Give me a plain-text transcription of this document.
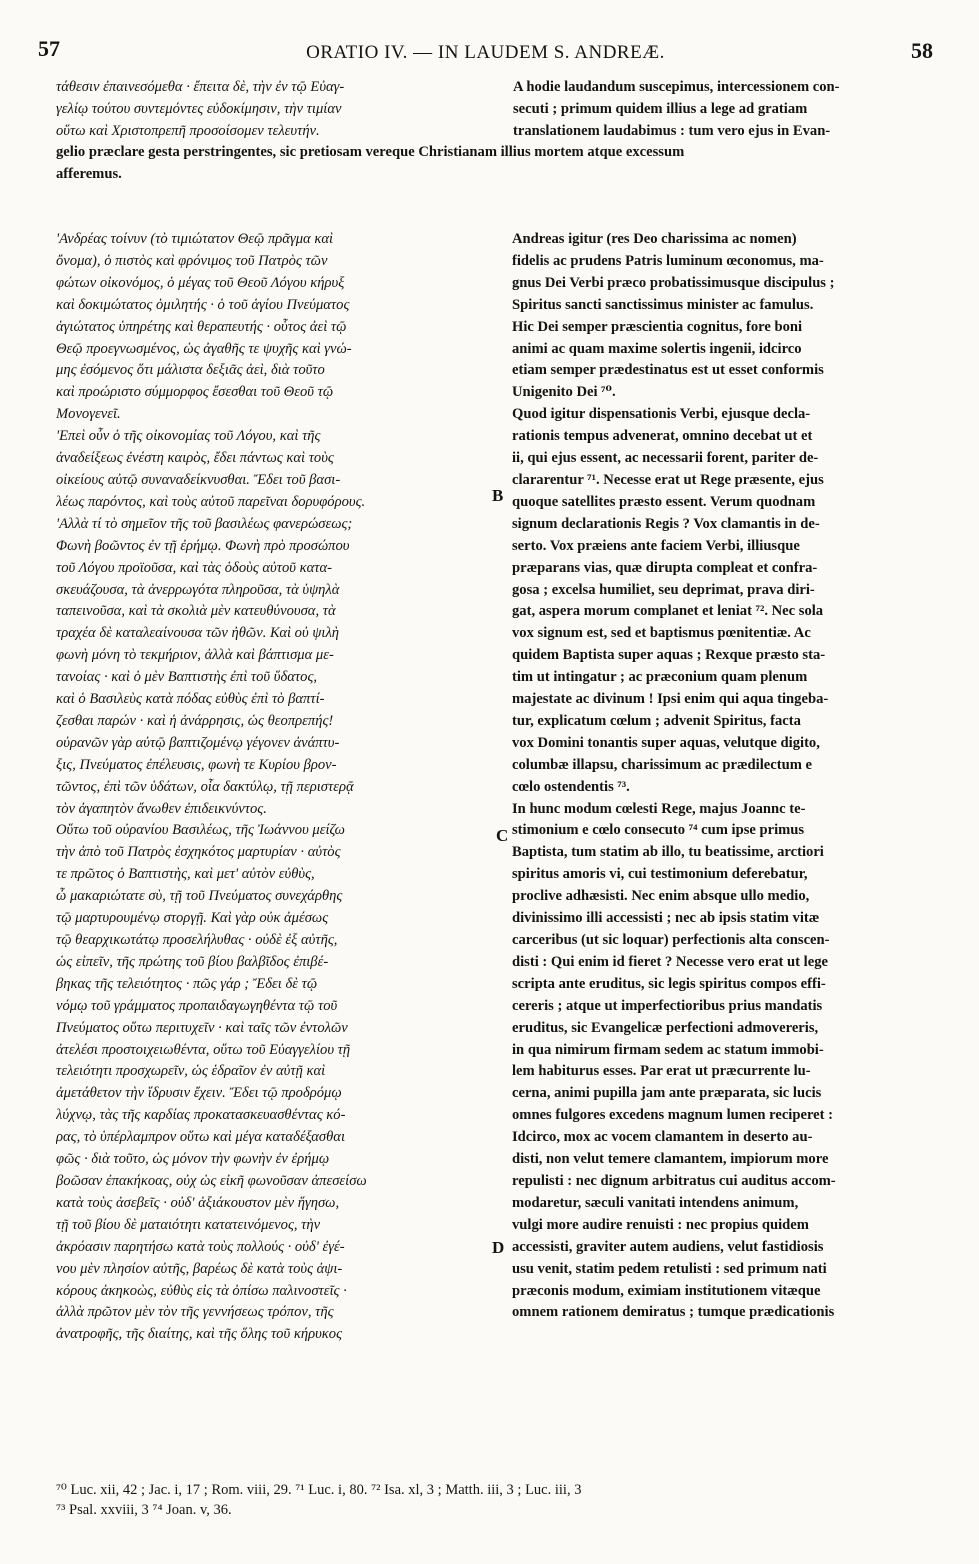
57	ORATIO IV. — IN LAUDEM S. ANDREÆ.	58
τάθεσιν ἐπαινεσόμεθα · ἔπειτα δὲ, τὴν ἐν τῷ Εὐαγ-
γελίῳ τούτου συντεμόντες εὐδοκίμησιν, τὴν τιμίαν
οὕτω καὶ Χριστοπρεπῆ προσοίσομεν τελευτήν.
A hodie laudandum suscepimus, intercessionem con-
secuti ; primum quidem illius a lege ad gratiam
translationem laudabimus : tum vero ejus in Evan-
gelio præclare gesta perstringentes, sic pretiosam vereque Christianam illius mortem atque excessum
afferemus.
'Ανδρέας τοίνυν (τὸ τιμιώτατον Θεῷ πρᾶγμα καὶ
ὄνομα), ὁ πιστὸς καὶ φρόνιμος τοῦ Πατρὸς τῶν
φώτων οἰκονόμος, ὁ μέγας τοῦ Θεοῦ Λόγου κήρυξ
καὶ δοκιμώτατος ὁμιλητής · ὁ τοῦ ἁγίου Πνεύματος
ἁγιώτατος ὑπηρέτης καὶ θεραπευτής · οὗτος ἀεὶ τῷ
Θεῷ προεγνωσμένος, ὡς ἀγαθῆς τε ψυχῆς καὶ γνώ-
μης ἐσόμενος ὅτι μάλιστα δεξιᾶς ἀεὶ, διὰ τοῦτο
καὶ προώριστο σύμμορφος ἔσεσθαι τοῦ Θεοῦ τῷ
Μονογενεῖ.
'Επεὶ οὖν ὁ τῆς οἰκονομίας τοῦ Λόγου, καὶ τῆς
ἀναδείξεως ἐνέστη καιρὸς, ἔδει πάντως καὶ τοὺς
οἰκείους αὐτῷ συναναδείκνυσθαι. Ἔδει τοῦ βασι-
λέως παρόντος, καὶ τοὺς αὐτοῦ παρεῖναι δορυφόρους.
'Αλλὰ τί τὸ σημεῖον τῆς τοῦ βασιλέως φανερώσεως;
Φωνὴ βοῶντος ἐν τῇ ἐρήμῳ. Φωνὴ πρὸ προσώπου
τοῦ Λόγου προϊοῦσα, καὶ τὰς ὁδοὺς αὐτοῦ κατα-
σκευάζουσα, τὰ ἀνερρωγότα πληροῦσα, τὰ ὑψηλὰ
ταπεινοῦσα, καὶ τὰ σκολιὰ μὲν κατευθύνουσα, τὰ
τραχέα δὲ καταλεαίνουσα τῶν ἠθῶν. Καὶ οὐ ψιλὴ
φωνὴ μόνη τὸ τεκμήριον, ἀλλὰ καὶ βάπτισμα με-
τανοίας · καὶ ὁ μὲν Βαπτιστὴς ἐπὶ τοῦ ὕδατος,
καὶ ὁ Βασιλεὺς κατὰ πόδας εὐθὺς ἐπὶ τὸ βαπτί-
ζεσθαι παρών · καὶ ἡ ἀνάρρησις, ὡς θεοπρεπής!
οὐρανῶν γὰρ αὐτῷ βαπτιζομένῳ γέγονεν ἀνάπτυ-
ξις, Πνεύματος ἐπέλευσις, φωνὴ τε Κυρίου βρον-
τῶντος, ἐπὶ τῶν ὑδάτων, οἷα δακτύλῳ, τῇ περιστερᾷ
τὸν ἀγαπητὸν ἄνωθεν ἐπιδεικνύντος.
Οὕτω τοῦ οὐρανίου Βασιλέως, τῆς Ἰωάννου μείζω
τὴν ἀπὸ τοῦ Πατρὸς ἐσχηκότος μαρτυρίαν · αὐτὸς
τε πρῶτος ὁ Βαπτιστὴς, καὶ μετ' αὐτὸν εὐθὺς,
ὦ μακαριώτατε σὺ, τῇ τοῦ Πνεύματος συνεχάρθης
τῷ μαρτυρουμένῳ στοργῇ. Καὶ γὰρ οὐκ ἀμέσως
τῷ θεαρχικωτάτῳ προσελήλυθας · οὐδὲ ἐξ αὐτῆς,
ὡς εἰπεῖν, τῆς πρώτης τοῦ βίου βαλβῖδος ἐπιβέ-
βηκας τῆς τελειότητος · πῶς γάρ ; Ἔδει δὲ τῷ
νόμῳ τοῦ γράμματος προπαιδαγωγηθέντα τῷ τοῦ
Πνεύματος οὕτω περιτυχεῖν · καὶ ταῖς τῶν ἐντολῶν
ἀτελέσι προστοιχειωθέντα, οὕτω τοῦ Εὐαγγελίου τῇ
τελειότητι προσχωρεῖν, ὡς ἑδραῖον ἐν αὐτῇ καὶ
ἀμετάθετον τὴν ἵδρυσιν ἔχειν. Ἔδει τῷ προδρόμῳ
λύχνῳ, τὰς τῆς καρδίας προκατασκευασθέντας κό-
ρας, τὸ ὑπέρλαμπρον οὕτω καὶ μέγα καταδέξασθαι
φῶς · διὰ τοῦτο, ὡς μόνον τὴν φωνὴν ἐν ἐρήμῳ
βοῶσαν ἐπακήκοας, οὐχ ὡς εἰκῆ φωνοῦσαν ἀπεσείσω
κατὰ τοὺς ἀσεβεῖς · οὐδ' ἀξιάκουστον μὲν ἥγησω,
τῇ τοῦ βίου δὲ ματαιότητι κατατεινόμενος, τὴν
ἀκρόασιν παρητήσω κατὰ τοὺς πολλούς · οὐδ' ἐγέ-
νου μὲν πλησίον αὐτῆς, βαρέως δὲ κατὰ τοὺς ἀψι-
κόρους ἀκηκοὼς, εὐθὺς εἰς τὰ ὀπίσω παλινοστεῖς ·
ἀλλὰ πρῶτον μὲν τὸν τῆς γεννήσεως τρόπον, τῆς
ἀνατροφῆς, τῆς διαίτης, καὶ τῆς ὅλης τοῦ κήρυκος
Andreas igitur (res Deo charissima ac nomen)
fidelis ac prudens Patris luminum œconomus, ma-
gnus Dei Verbi præco probatissimusque discipulus ;
Spiritus sancti sanctissimus minister ac famulus.
Hic Dei semper præscientia cognitus, fore boni
animi ac quam maxime solertis ingenii, idcirco
etiam semper prædestinatus est ut esset conformis
Unigenito Dei ⁷⁰.
Quod igitur dispensationis Verbi, ejusque decla-
rationis tempus advenerat, omnino decebat ut et
ii, qui ejus essent, ac necessarii forent, pariter de-
clararentur ⁷¹. Necesse erat ut Rege præsente, ejus
quoque satellites præsto essent. Verum quodnam
signum declarationis Regis ? Vox clamantis in de-
serto. Vox præiens ante faciem Verbi, illiusque
præparans vias, quæ dirupta compleat et confra-
gosa ; excelsa humiliet, seu deprimat, prava diri-
gat, aspera morum complanet et leniat ⁷². Nec sola
vox signum est, sed et baptismus pœnitentiæ. Ac
quidem Baptista super aquas ; Rexque præsto sta-
tim ut intingatur ; ac præconium quam plenum
majestate ac divinum ! Ipsi enim qui aqua tingeba-
tur, explicatum cœlum ; advenit Spiritus, facta
vox Domini tonantis super aquas, velutque digito,
columbæ illapsu, charissimum ac prædilectum e
cœlo ostendentis ⁷³.
In hunc modum cœlesti Rege, majus Joannc te-
stimonium e cœlo consecuto ⁷⁴ cum ipse primus
Baptista, tum statim ab illo, tu beatissime, arctiori
spiritus amoris vi, cui testimonium deferebatur,
proclive adhæsisti. Nec enim absque ullo medio,
divinissimo illi accessisti ; nec ab ipsis statim vitæ
carceribus (ut sic loquar) perfectionis alta conscen-
disti : Qui enim id fieret ? Necesse vero erat ut lege
scripta ante eruditus, sic legis spiritus compos effi-
cereris ; atque ut imperfectioribus prius mandatis
eruditus, sic Evangelicæ perfectioni admovereris,
in qua nimirum firmam sedem ac statum immobi-
lem habiturus esses. Par erat ut præcurrente lu-
cerna, animi pupilla jam ante præparata, sic lucis
omnes fulgores excedens magnum lumen reciperet :
Idcirco, mox ac vocem clamantem in deserto au-
disti, non velut temere clamantem, impiorum more
repulisti : nec dignum arbitratus cui auditus accom-
modaretur, sæculi vanitati intendens animum,
vulgi more audire renuisti : nec propius quidem
accessisti, graviter autem audiens, velut fastidiosis
usu venit, statim pedem retulisti : sed primum nati
præconis modum, eximiam institutionem vitæque
omnem rationem demiratus ; tumque prædicationis
B
C
D
⁷⁰ Luc. xii, 42 ; Jac. i, 17 ; Rom. viii, 29. ⁷¹ Luc. i, 80. ⁷² Isa. xl, 3 ; Matth. iii, 3 ; Luc. iii, 3
⁷³ Psal. xxviii, 3 ⁷⁴ Joan. v, 36.
